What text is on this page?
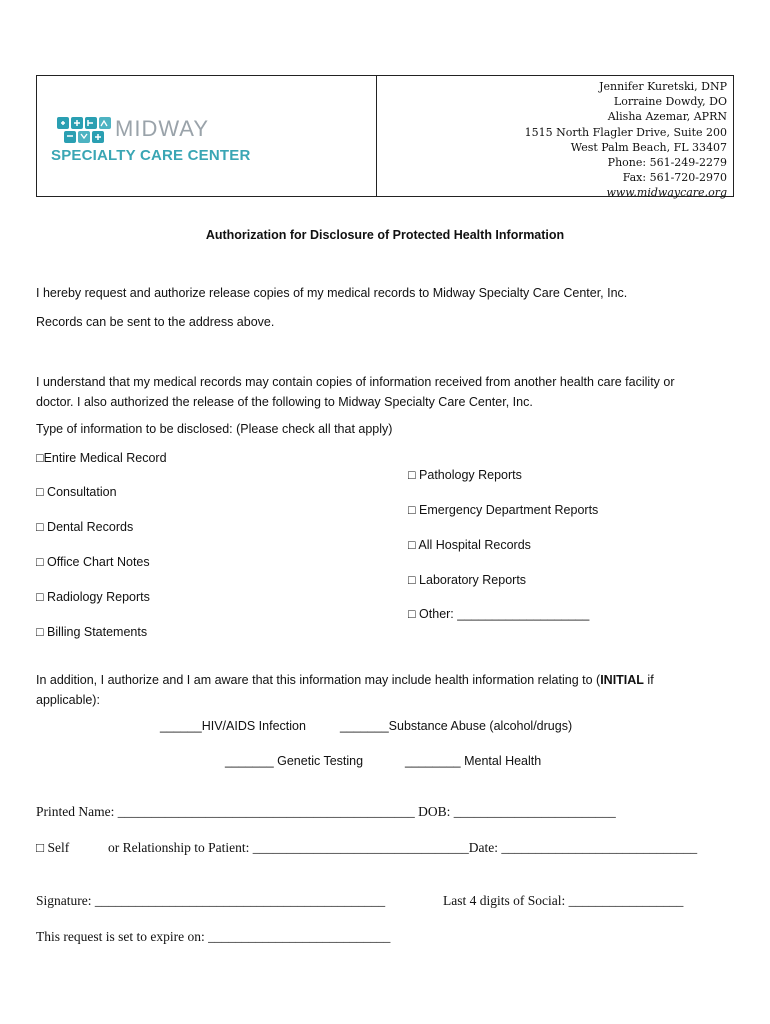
MIDWAY
SPECIALTY CARE CENTER
Jennifer Kuretski, DNP
Lorraine Dowdy, DO
Alisha Azemar, APRN
1515 North Flagler Drive, Suite 200
West Palm Beach, FL 33407
Phone: 561-249-2279
Fax: 561-720-2970
www.midwaycare.org
Authorization for Disclosure of Protected Health Information
I hereby request and authorize release copies of my medical records to Midway Specialty Care Center, Inc.
Records can be sent to the address above.
I understand that my medical records may contain copies of information received from another health care facility or doctor. I also authorized the release of the following to Midway Specialty Care Center, Inc.
Type of information to be disclosed: (Please check all that apply)
□Entire Medical Record
□ Consultation
□ Dental Records
□ Office Chart Notes
□ Radiology Reports
□ Billing Statements
□ Pathology Reports
□ Emergency Department Reports
□ All Hospital Records
□ Laboratory Reports
□ Other: ___________________
In addition, I authorize and I am aware that this information may include health information relating to (INITIAL if applicable):
______HIV/AIDS Infection	_______Substance Abuse (alcohol/drugs)
_______ Genetic Testing	________ Mental Health
Printed Name: ____________________________________________ DOB: ________________________
□ Self	or Relationship to Patient: ________________________________Date: _____________________________
Signature: ___________________________________________	Last 4 digits of Social: _________________
This request is set to expire on: ___________________________
